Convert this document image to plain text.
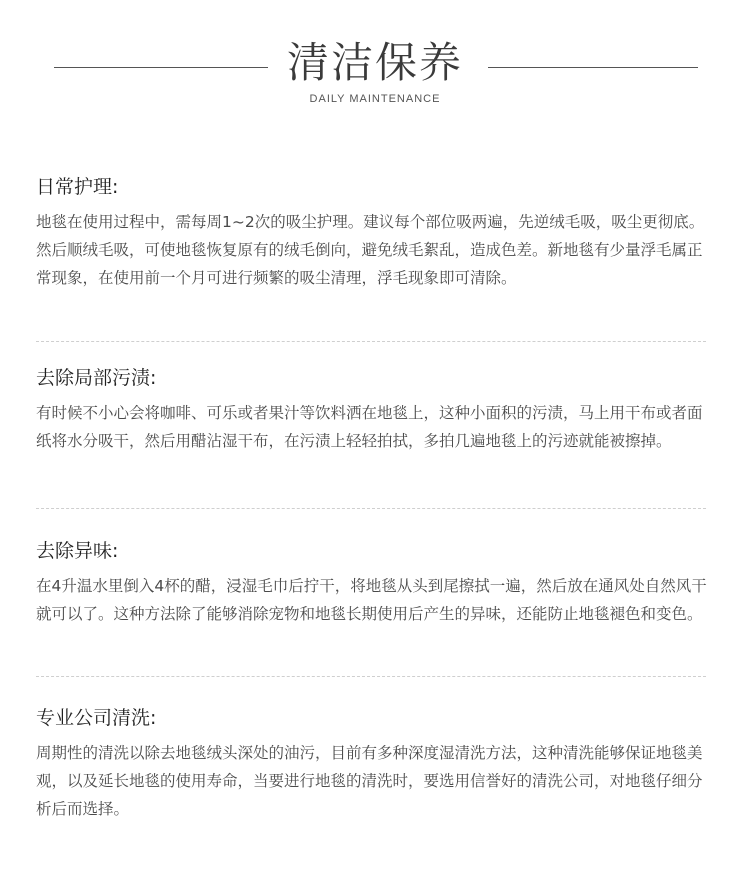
清洁保养
DAILY MAINTENANCE
日常护理:

地毯在使用过程中，需每周1~2次的吸尘护理。建议每个部位吸两遍，先逆绒毛吸，吸尘更彻底。然后顺绒毛吸，可使地毯恢复原有的绒毛倒向，避免绒毛絮乱，造成色差。新地毯有少量浮毛属正常现象，在使用前一个月可进行频繁的吸尘清理，浮毛现象即可清除。

去除局部污渍:

有时候不小心会将咖啡、可乐或者果汁等饮料洒在地毯上，这种小面积的污渍，马上用干布或者面纸将水分吸干，然后用醋沾湿干布，在污渍上轻轻拍拭，多拍几遍地毯上的污迹就能被擦掉。

去除异味:

在4升温水里倒入4杯的醋，浸湿毛巾后拧干，将地毯从头到尾擦拭一遍，然后放在通风处自然风干就可以了。这种方法除了能够消除宠物和地毯长期使用后产生的异味，还能防止地毯褪色和变色。

专业公司清洗:

周期性的清洗以除去地毯绒头深处的油污，目前有多种深度湿清洗方法，这种清洗能够保证地毯美观，以及延长地毯的使用寿命，当要进行地毯的清洗时，要选用信誉好的清洗公司，对地毯仔细分析后而选择。
